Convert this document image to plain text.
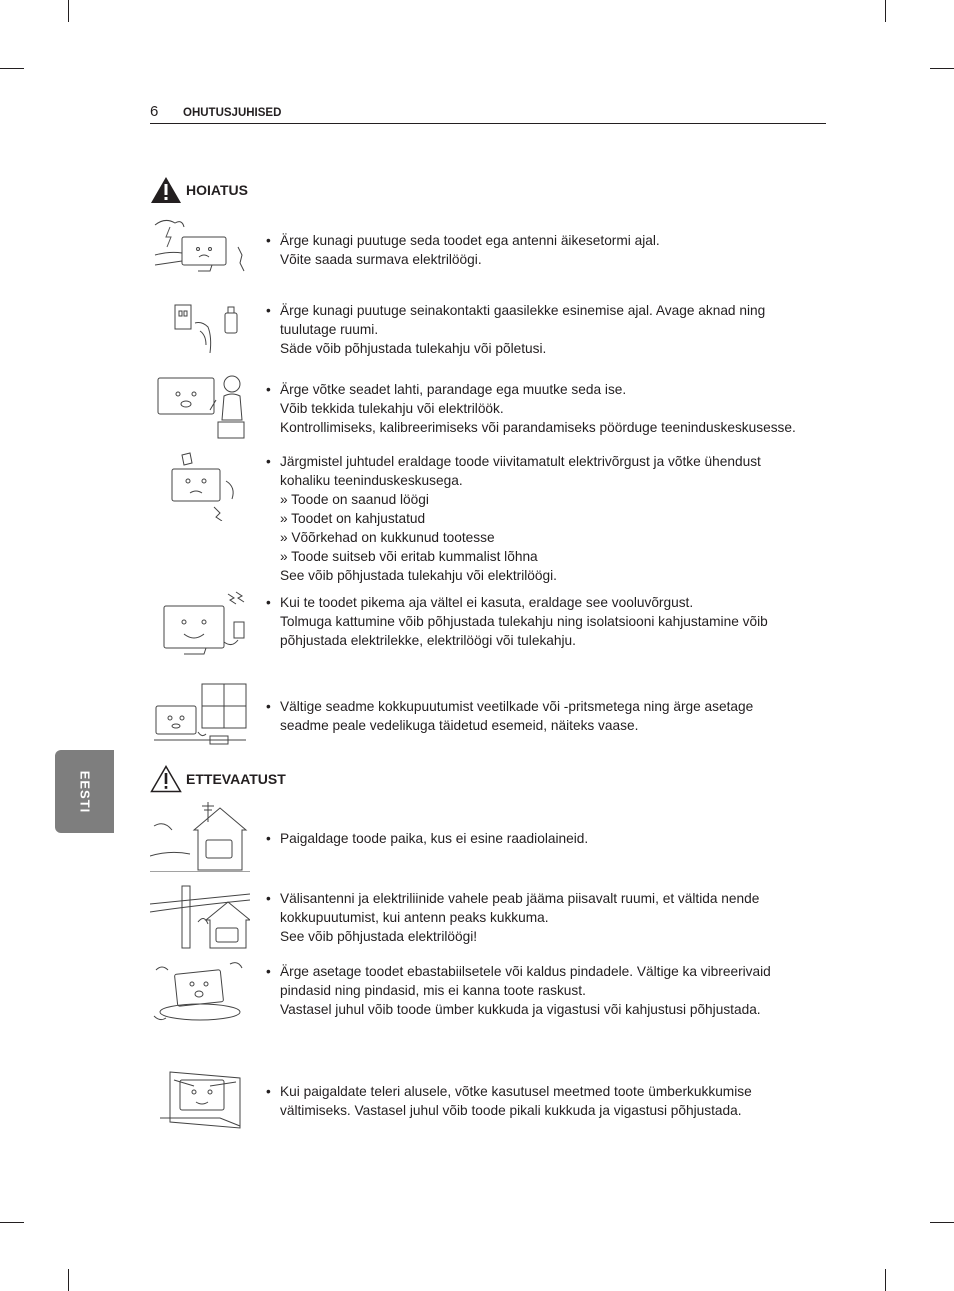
6 OHUTUSJUHISED
EESTI
HOIATUS
• Ärge kunagi puutuge seda toodet ega antenni äikesetormi ajal.
Võite saada surmava elektrilöögi.
• Ärge kunagi puutuge seinakontakti gaasilekke esinemise ajal. Avage aknad ning
tuulutage ruumi.
Säde võib põhjustada tulekahju või põletusi.
• Ärge võtke seadet lahti, parandage ega muutke seda ise.
Võib tekkida tulekahju või elektrilöök.
Kontrollimiseks, kalibreerimiseks või parandamiseks pöörduge teeninduskeskusesse.
• Järgmistel juhtudel eraldage toode viivitamatult elektrivõrgust ja võtke ühendust
kohaliku teeninduskeskusega.
» Toode on saanud löögi
» Toodet on kahjustatud
» Võõrkehad on kukkunud tootesse
» Toode suitseb või eritab kummalist lõhna
See võib põhjustada tulekahju või elektrilöögi.
• Kui te toodet pikema aja vältel ei kasuta, eraldage see vooluvõrgust.
Tolmuga kattumine võib põhjustada tulekahju ning isolatsiooni kahjustamine võib
põhjustada elektrilekke, elektrilöögi või tulekahju.
• Vältige seadme kokkupuutumist veetilkade või -pritsmetega ning ärge asetage
seadme peale vedelikuga täidetud esemeid, näiteks vaase.
ETTEVAATUST
• Paigaldage toode paika, kus ei esine raadiolaineid.
• Välisantenni ja elektriliinide vahele peab jääma piisavalt ruumi, et vältida nende
kokkupuutumist, kui antenn peaks kukkuma.
See võib põhjustada elektrilöögi!
• Ärge asetage toodet ebastabiilsetele või kaldus pindadele. Vältige ka vibreerivaid
pindasid ning pindasid, mis ei kanna toote raskust.
Vastasel juhul võib toode ümber kukkuda ja vigastusi või kahjustusi põhjustada.
• Kui paigaldate teleri alusele, võtke kasutusel meetmed toote ümberkukkumise
vältimiseks. Vastasel juhul võib toode pikali kukkuda ja vigastusi põhjustada.
